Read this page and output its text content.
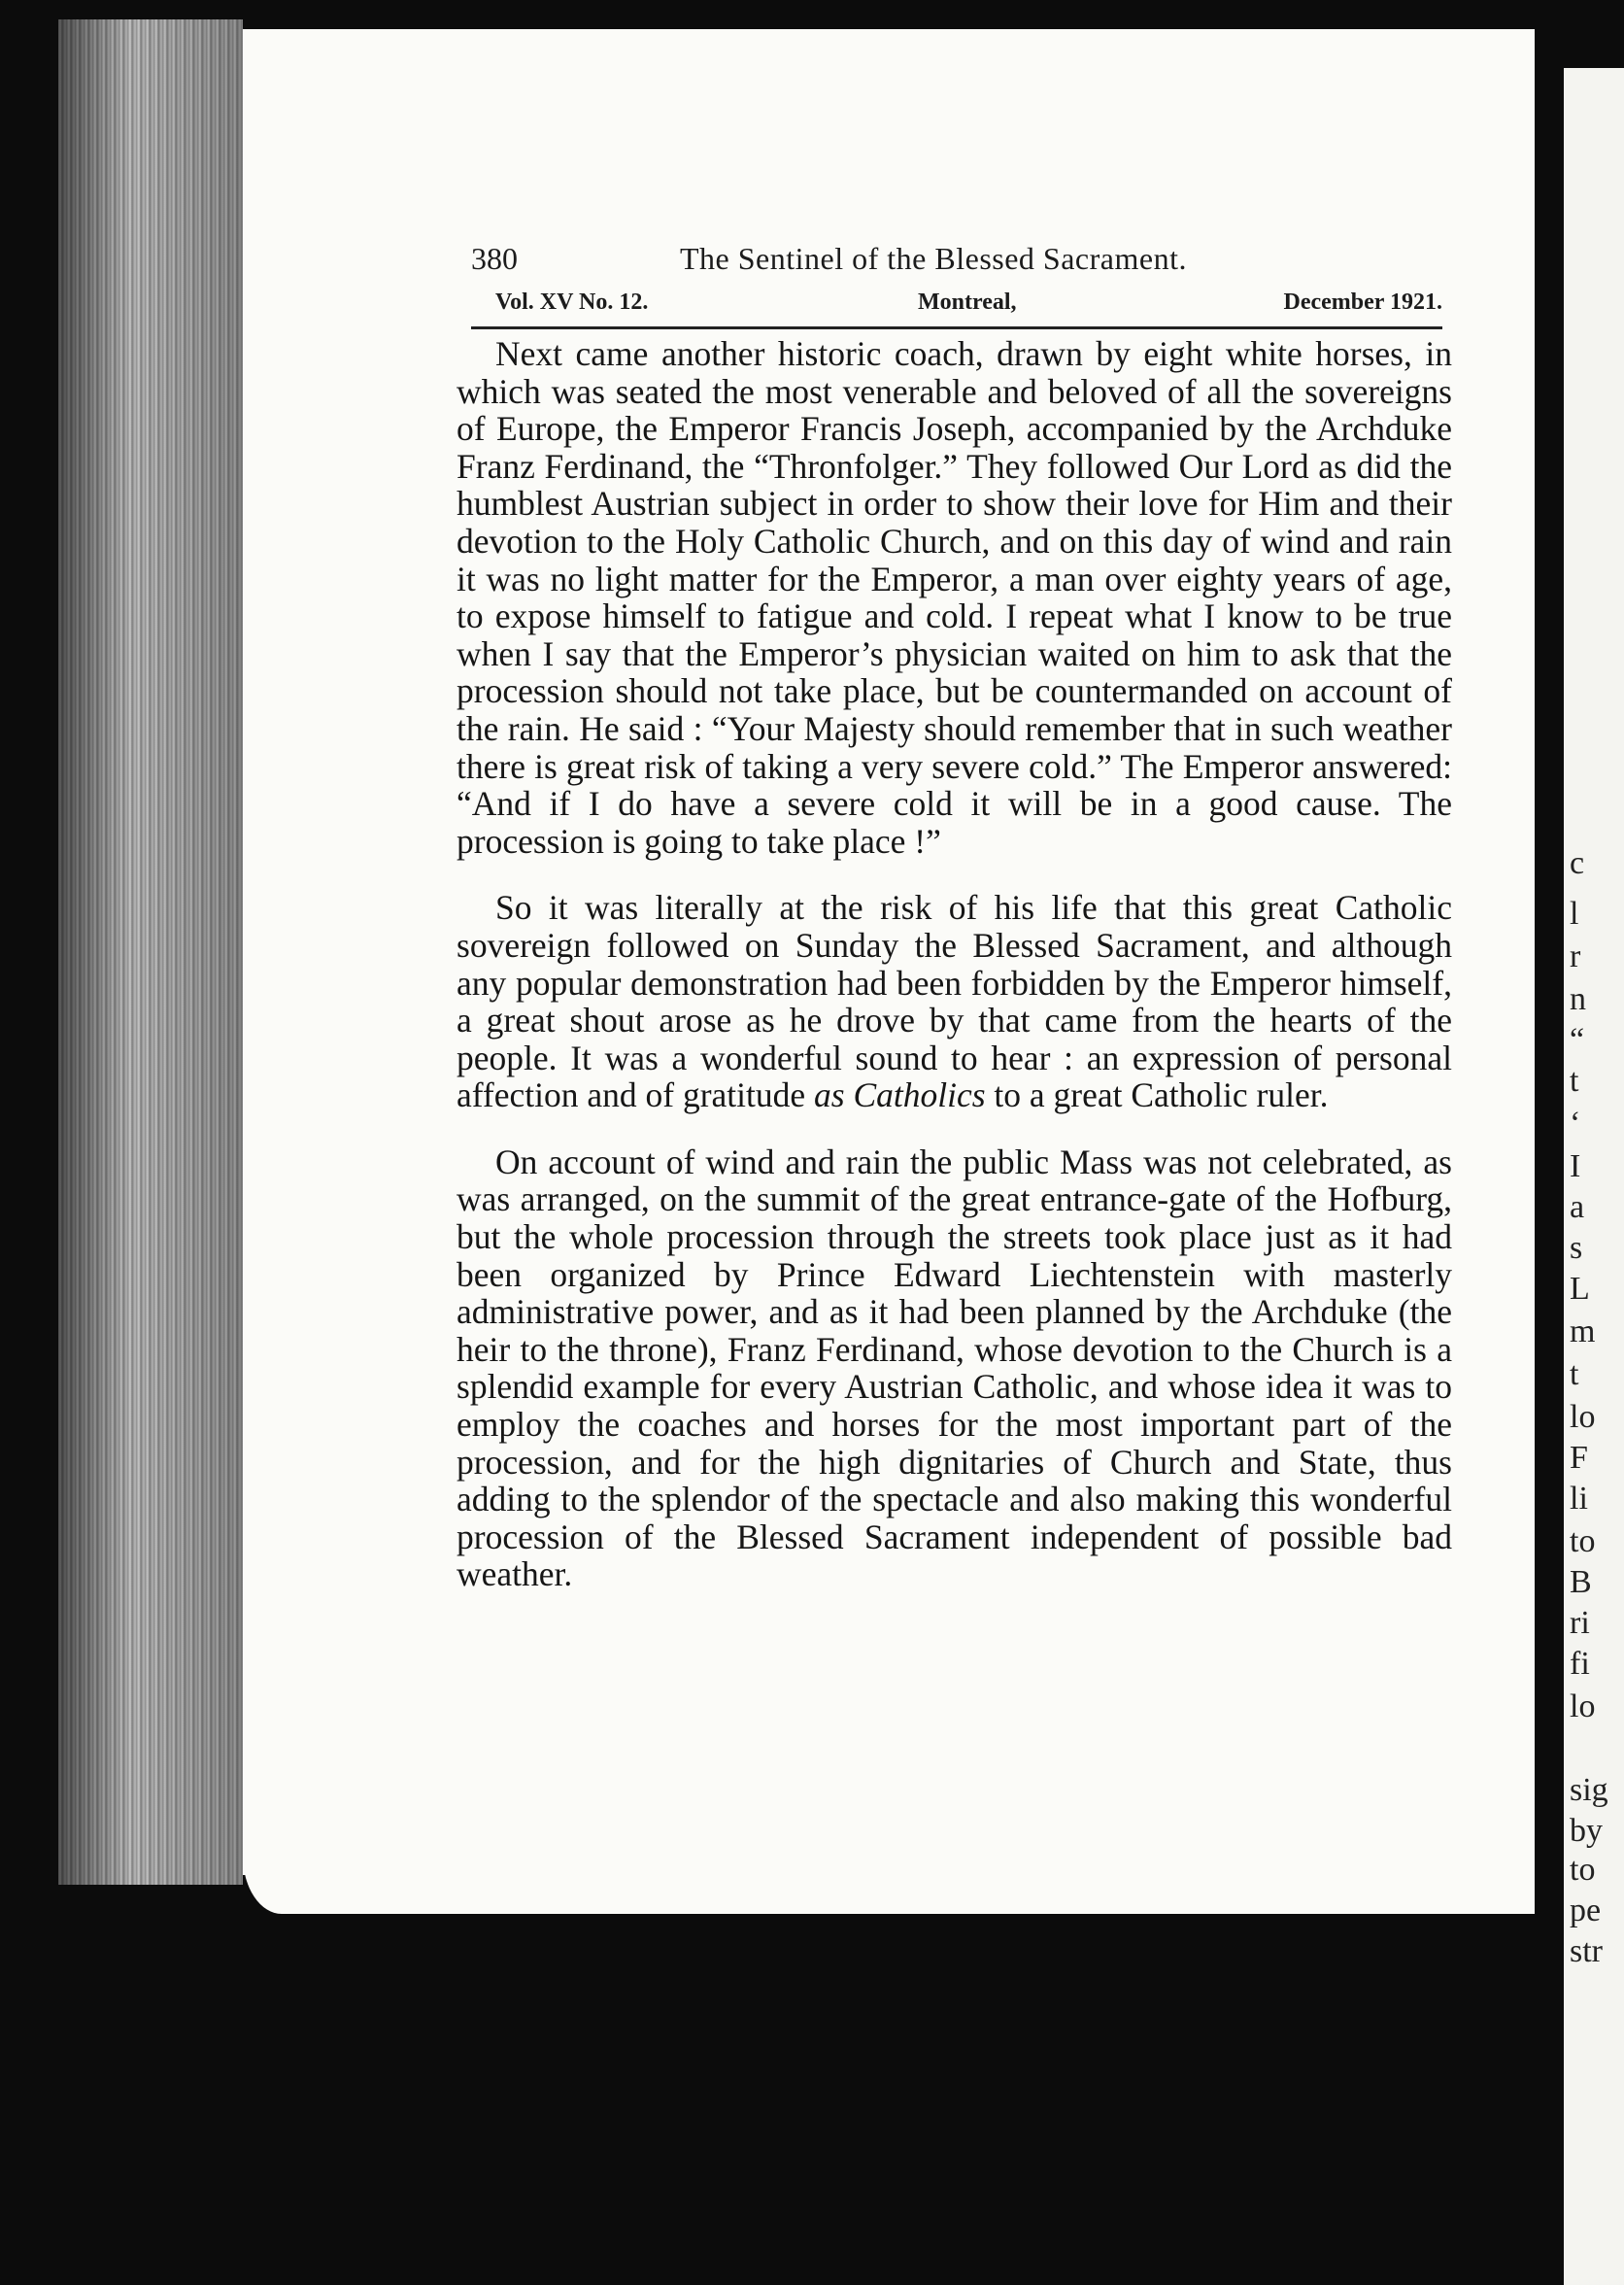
c
l
r
n
“
t
‘
I
a
s
L
m
t
lo
F
li
to
B
ri
fi
lo
sig
by
to
pe
str
380	The Sentinel of the Blessed Sacrament.
Vol. XV No. 12.	Montreal,	December 1921.

Next came another historic coach, drawn by eight white horses, in which was seated the most venerable and beloved of all the sovereigns of Europe, the Emperor Francis Joseph, accompanied by the Archduke Franz Ferdinand, the “Thronfolger.” They followed Our Lord as did the humblest Austrian subject in order to show their love for Him and their devotion to the Holy Catholic Church, and on this day of wind and rain it was no light matter for the Emperor, a man over eighty years of age, to expose himself to fatigue and cold. I repeat what I know to be true when I say that the Emperor’s physician waited on him to ask that the procession should not take place, but be countermanded on account of the rain. He said : “Your Majesty should remember that in such weather there is great risk of taking a very severe cold.” The Emperor answered: “And if I do have a severe cold it will be in a good cause. The procession is going to take place !”

So it was literally at the risk of his life that this great Catholic sovereign followed on Sunday the Blessed Sacrament, and although any popular demonstration had been forbidden by the Emperor himself, a great shout arose as he drove by that came from the hearts of the people. It was a wonderful sound to hear : an expression of personal affection and of gratitude as Catholics to a great Catholic ruler.

On account of wind and rain the public Mass was not celebrated, as was arranged, on the summit of the great entrance-gate of the Hofburg, but the whole procession through the streets took place just as it had been organized by Prince Edward Liechtenstein with masterly administrative power, and as it had been planned by the Archduke (the heir to the throne), Franz Ferdinand, whose devotion to the Church is a splendid example for every Austrian Catholic, and whose idea it was to employ the coaches and horses for the most important part of the procession, and for the high dignitaries of Church and State, thus adding to the splendor of the spectacle and also making this wonderful procession of the Blessed Sacrament independent of possible bad weather.
